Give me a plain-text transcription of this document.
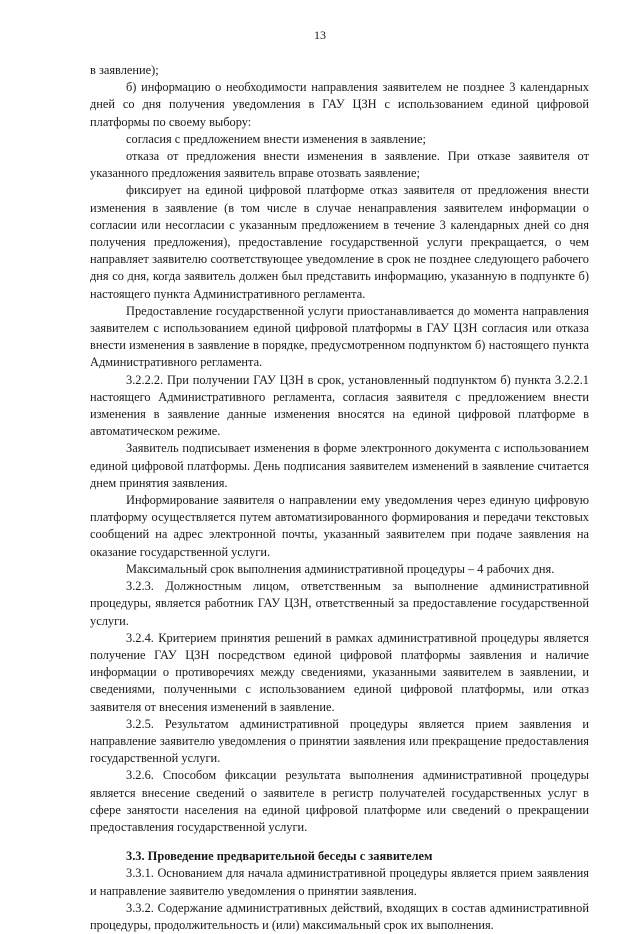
13

в заявление);

б) информацию о необходимости направления заявителем не позднее 3 календарных дней со дня получения уведомления в ГАУ ЦЗН с использованием единой цифровой платформы по своему выбору:

согласия с предложением внести изменения в заявление;

отказа от предложения внести изменения в заявление. При отказе заявителя от указанного предложения заявитель вправе отозвать заявление;

фиксирует на единой цифровой платформе отказ заявителя от предложения внести изменения в заявление (в том числе в случае ненаправления заявителем информации о согласии или несогласии с указанным предложением в течение 3 календарных дней со дня получения предложения), предоставление государственной услуги прекращается, о чем направляет заявителю соответствующее уведомление в срок не позднее следующего рабочего дня со дня, когда заявитель должен был представить информацию, указанную в подпункте б) настоящего пункта Административного регламента.

Предоставление государственной услуги приостанавливается до момента направления заявителем с использованием единой цифровой платформы в ГАУ ЦЗН согласия или отказа внести изменения в заявление в порядке, предусмотренном подпунктом б) настоящего пункта Административного регламента.

3.2.2.2. При получении ГАУ ЦЗН в срок, установленный подпунктом б) пункта 3.2.2.1 настоящего Административного регламента, согласия заявителя с предложением внести изменения в заявление данные изменения вносятся на единой цифровой платформе в автоматическом режиме.

Заявитель подписывает изменения в форме электронного документа с использованием единой цифровой платформы. День подписания заявителем изменений в заявление считается днем принятия заявления.

Информирование заявителя о направлении ему уведомления через единую цифровую платформу осуществляется путем автоматизированного формирования и передачи текстовых сообщений на адрес электронной почты, указанный заявителем при подаче заявления на оказание государственной услуги.

Максимальный срок выполнения административной процедуры – 4 рабочих дня.

3.2.3. Должностным лицом, ответственным за выполнение административной процедуры, является работник ГАУ ЦЗН, ответственный за предоставление государственной услуги.

3.2.4. Критерием принятия решений в рамках административной процедуры является получение ГАУ ЦЗН посредством единой цифровой платформы заявления и наличие информации о противоречиях между сведениями, указанными заявителем в заявлении, и сведениями, полученными с использованием единой цифровой платформы, или отказ заявителя от внесения изменений в заявление.

3.2.5. Результатом административной процедуры является прием заявления и направление заявителю уведомления о принятии заявления или прекращение предоставления государственной услуги.

3.2.6. Способом фиксации результата выполнения административной процедуры является внесение сведений о заявителе в регистр получателей государственных услуг в сфере занятости населения на единой цифровой платформе или сведений о прекращении предоставления государственной услуги.

3.3. Проведение предварительной беседы с заявителем

3.3.1. Основанием для начала административной процедуры является прием заявления и направление заявителю уведомления о принятии заявления.

3.3.2. Содержание административных действий, входящих в состав административной процедуры, продолжительность и (или) максимальный срок их выполнения.
